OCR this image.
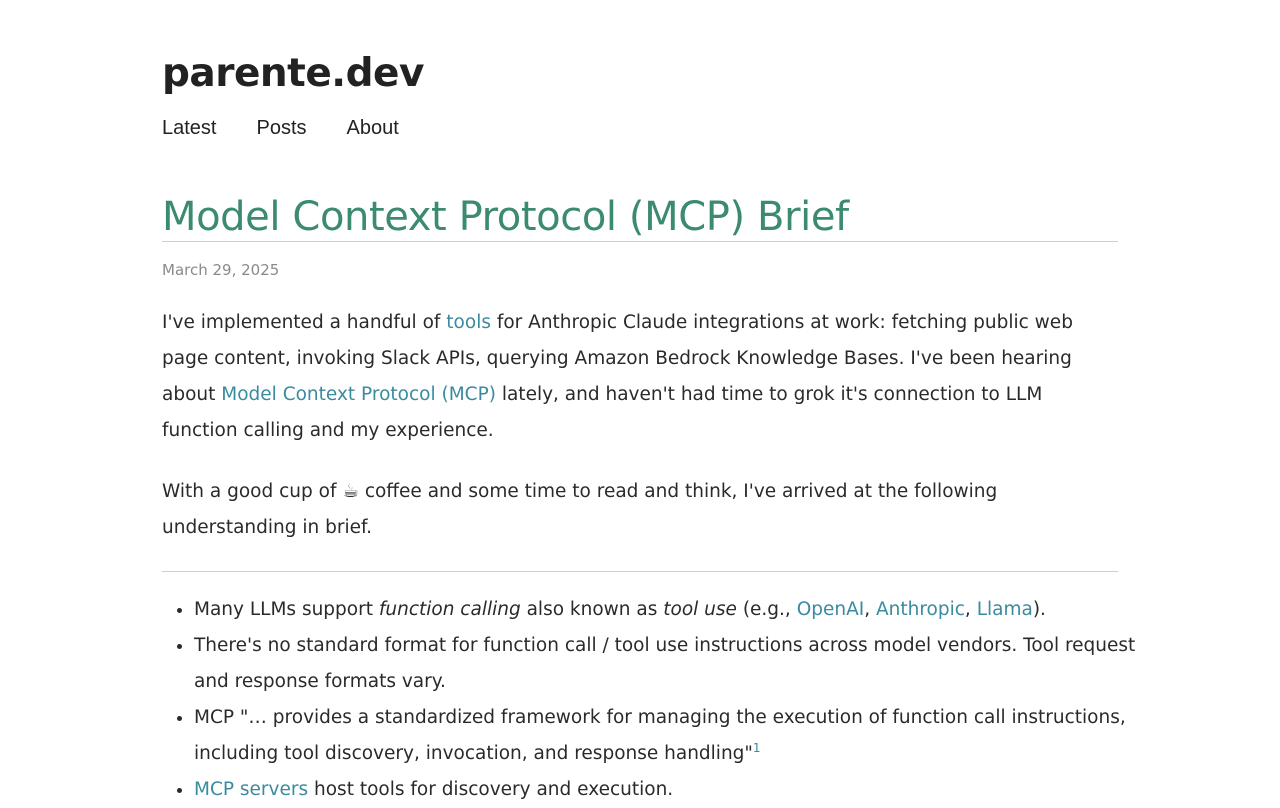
parente.dev
Latest Posts About
Model Context Protocol (MCP) Brief
March 29, 2025

I've implemented a handful of tools for Anthropic Claude integrations at work: fetching public web page content, invoking Slack APIs, querying Amazon Bedrock Knowledge Bases. I've been hearing about Model Context Protocol (MCP) lately, and haven't had time to grok it's connection to LLM function calling and my experience.

With a good cup of ☕ coffee and some time to read and think, I've arrived at the following understanding in brief.

• Many LLMs support function calling also known as tool use (e.g., OpenAI, Anthropic, Llama).
• There's no standard format for function call / tool use instructions across model vendors. Tool request and response formats vary.
• MCP "… provides a standardized framework for managing the execution of function call instructions, including tool discovery, invocation, and response handling"$^1$
• MCP servers host tools for discovery and execution.
